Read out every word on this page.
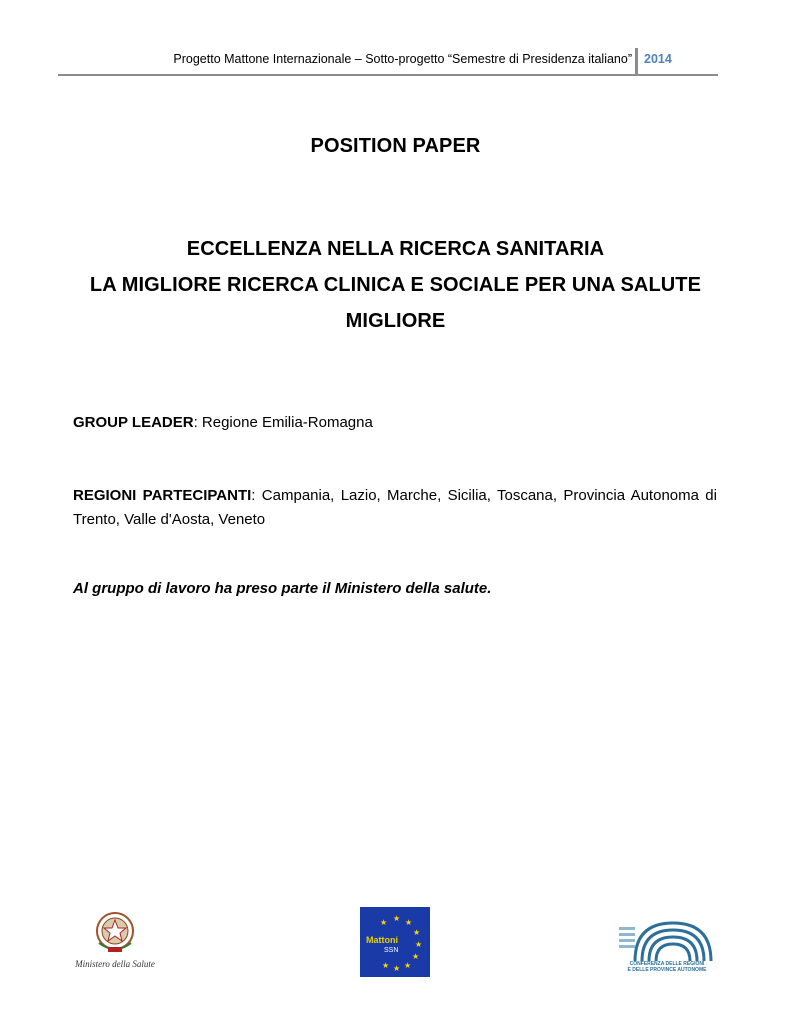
Progetto Mattone Internazionale – Sotto-progetto “Semestre di Presidenza italiano” 2014
POSITION PAPER
ECCELLENZA NELLA RICERCA SANITARIA
LA MIGLIORE RICERCA CLINICA E SOCIALE PER UNA SALUTE
MIGLIORE
GROUP LEADER: Regione Emilia-Romagna
REGIONI PARTECIPANTI: Campania, Lazio, Marche, Sicilia, Toscana, Provincia Autonoma di Trento, Valle d'Aosta, Veneto
Al gruppo di lavoro ha preso parte il Ministero della salute.
Ministero della Salute
★ ★
★
★
★
★
★
★
★
Mattoni
SSN
CONFERENZA DELLE REGIONI
E DELLE PROVINCE AUTONOME
